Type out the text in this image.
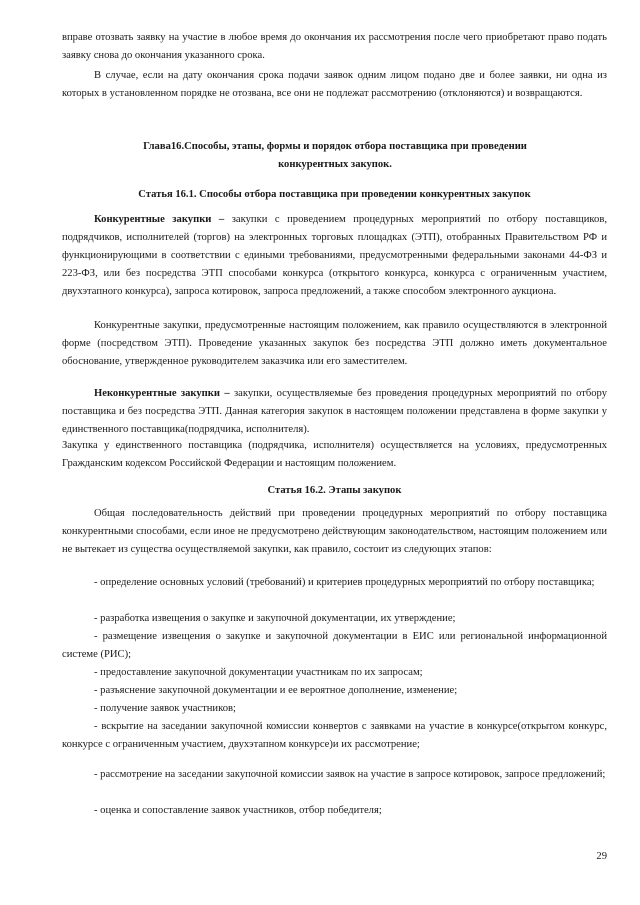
вправе отозвать заявку на участие в любое время до окончания их рассмотрения после чего приобретают право подать заявку снова до окончания указанного срока.

В случае, если на дату окончания срока подачи заявок одним лицом подано две и более заявки, ни одна из которых в установленном порядке не отозвана, все они не подлежат рассмотрению (отклоняются) и возвращаются.

Глава16.Способы, этапы, формы и порядок отбора поставщика при проведении конкурентных закупок.

Статья 16.1. Способы отбора поставщика при проведении конкурентных закупок

Конкурентные закупки – закупки с проведением процедурных мероприятий по отбору поставщиков, подрядчиков, исполнителей (торгов) на электронных торговых площадках (ЭТП), отобранных Правительством РФ и функционирующими в соответствии с едиными требованиями, предусмотренными федеральными законами 44-ФЗ и 223-ФЗ, или без посредства ЭТП способами конкурса (открытого конкурса, конкурса с ограниченным участием, двухэтапного конкурса), запроса котировок, запроса предложений, а также способом электронного аукциона.

Конкурентные закупки, предусмотренные настоящим положением, как правило осуществляются в электронной форме (посредством ЭТП). Проведение указанных закупок без посредства ЭТП должно иметь документальное обоснование, утвержденное руководителем заказчика или его заместителем.

Неконкурентные закупки – закупки, осуществляемые без проведения процедурных мероприятий по отбору поставщика и без посредства ЭТП. Данная категория закупок в настоящем положении представлена в форме закупки у единственного поставщика(подрядчика, исполнителя).

Закупка у единственного поставщика (подрядчика, исполнителя) осуществляется на условиях, предусмотренных Гражданским кодексом Российской Федерации и настоящим положением.

Статья 16.2. Этапы закупок

Общая последовательность действий при проведении процедурных мероприятий по отбору поставщика конкурентными способами, если иное не предусмотрено действующим законодательством, настоящим положением или не вытекает из существа осуществляемой закупки, как правило, состоит из следующих этапов:

- определение основных условий (требований) и критериев процедурных мероприятий по отбору поставщика;

- разработка извещения о закупке и закупочной документации, их утверждение;

- размещение извещения о закупке и закупочной документации в ЕИС или региональной информационной системе (РИС);

- предоставление закупочной документации участникам по их запросам;

- разъяснение закупочной документации и ее вероятное дополнение, изменение;

- получение заявок участников;

- вскрытие на заседании закупочной комиссии конвертов с заявками на участие в конкурсе(открытом конкурс, конкурсе с ограниченным участием, двухэтапном конкурсе)и их рассмотрение;

- рассмотрение на заседании закупочной комиссии заявок на участие в запросе котировок, запросе предложений;

- оценка и сопоставление заявок участников, отбор победителя;

29
